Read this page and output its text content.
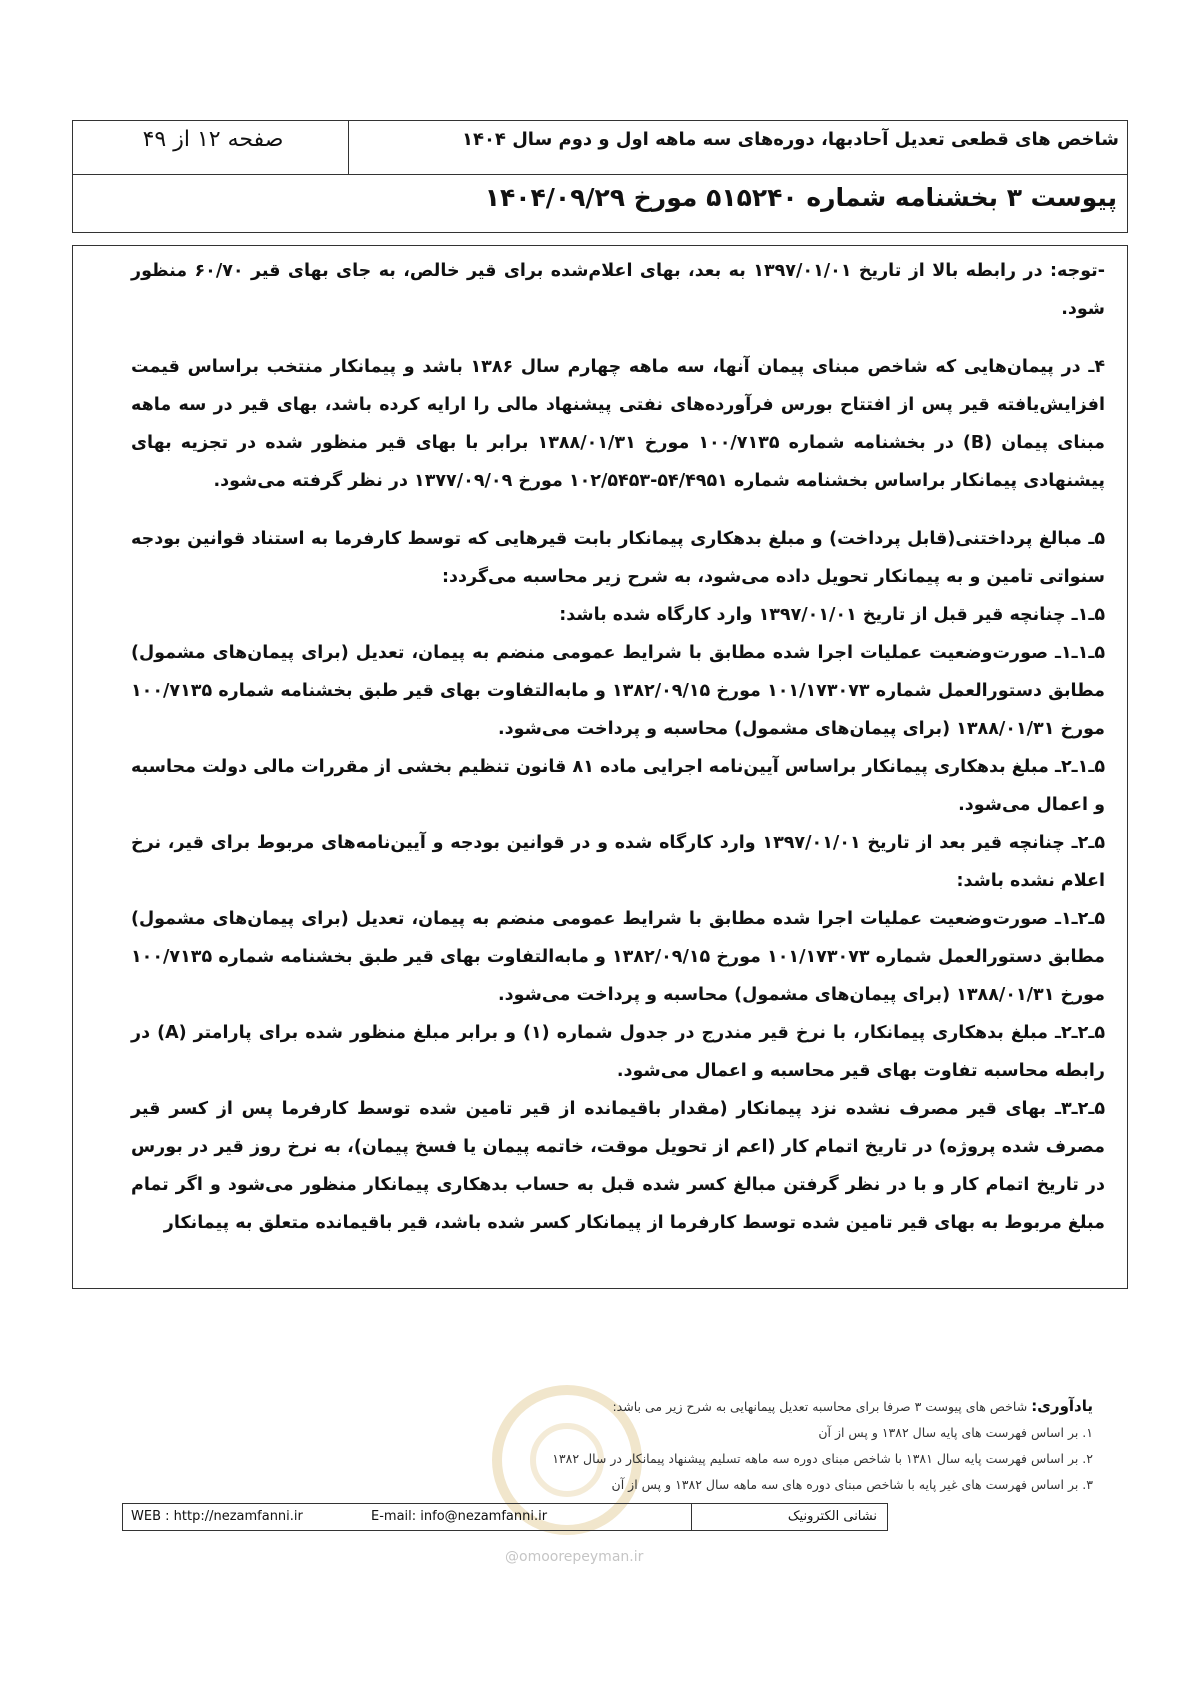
شاخص های قطعی تعدیل آحادبها، دوره‌های سه ماهه اول و دوم سال ۱۴۰۴
صفحه ۱۲ از ۴۹
پیوست ۳ بخشنامه شماره ۵۱۵۲۴۰ مورخ ۱۴۰۴/۰۹/۲۹

-توجه: در رابطه بالا از تاریخ ۱۳۹۷/۰۱/۰۱ به بعد، بهای اعلام‌شده برای قیر خالص، به جای بهای قیر ۶۰/۷۰ منظور شود.

۴ـ در پیمان‌هایی که شاخص مبنای پیمان آنها، سه ماهه چهارم سال ۱۳۸۶ باشد و پیمانکار منتخب براساس قیمت افزایش‌یافته قیر پس از افتتاح بورس فرآورده‌های نفتی پیشنهاد مالی را ارایه کرده باشد، بهای قیر در سه ماهه مبنای پیمان (B) در بخشنامه شماره ۱۰۰/۷۱۳۵ مورخ ۱۳۸۸/۰۱/۳۱ برابر با بهای قیر منظور شده در تجزیه بهای پیشنهادی پیمانکار براساس بخشنامه شماره ۵۴/۴۹۵۱-۱۰۲/۵۴۵۳ مورخ ۱۳۷۷/۰۹/۰۹ در نظر گرفته می‌شود.

۵ـ مبالغ پرداختنی(قابل پرداخت) و مبلغ بدهکاری پیمانکار بابت قیرهایی که توسط کارفرما به استناد قوانین بودجه سنواتی تامین و به پیمانکار تحویل داده می‌شود، به شرح زیر محاسبه می‌گردد:

۵ـ۱ـ چنانچه قیر قبل از تاریخ ۱۳۹۷/۰۱/۰۱ وارد کارگاه شده باشد:

۵ـ۱ـ۱ـ صورت‌وضعیت عملیات اجرا شده مطابق با شرایط عمومی منضم به پیمان، تعدیل (برای پیمان‌های مشمول) مطابق دستورالعمل شماره ۱۰۱/۱۷۳۰۷۳ مورخ ۱۳۸۲/۰۹/۱۵ و مابه‌التفاوت بهای قیر طبق بخشنامه شماره ۱۰۰/۷۱۳۵ مورخ ۱۳۸۸/۰۱/۳۱ (برای پیمان‌های مشمول) محاسبه و پرداخت می‌شود.

۵ـ۱ـ۲ـ مبلغ بدهکاری پیمانکار براساس آیین‌نامه اجرایی ماده ۸۱ قانون تنظیم بخشی از مقررات مالی دولت محاسبه و اعمال می‌شود.

۵ـ۲ـ چنانچه قیر بعد از تاریخ ۱۳۹۷/۰۱/۰۱ وارد کارگاه شده و در قوانین بودجه و آیین‌نامه‌های مربوط برای قیر، نرخ اعلام نشده باشد:

۵ـ۲ـ۱ـ صورت‌وضعیت عملیات اجرا شده مطابق با شرایط عمومی منضم به پیمان، تعدیل (برای پیمان‌های مشمول) مطابق دستورالعمل شماره ۱۰۱/۱۷۳۰۷۳ مورخ ۱۳۸۲/۰۹/۱۵ و مابه‌التفاوت بهای قیر طبق بخشنامه شماره ۱۰۰/۷۱۳۵ مورخ ۱۳۸۸/۰۱/۳۱ (برای پیمان‌های مشمول) محاسبه و پرداخت می‌شود.

۵ـ۲ـ۲ـ مبلغ بدهکاری پیمانکار، با نرخ قیر مندرج در جدول شماره (۱) و برابر مبلغ منظور شده برای پارامتر (A) در رابطه محاسبه تفاوت بهای قیر محاسبه و اعمال می‌شود.

۵ـ۲ـ۳ـ بهای قیر مصرف نشده نزد پیمانکار (مقدار باقیمانده از قیر تامین شده توسط کارفرما پس از کسر قیر مصرف شده پروژه) در تاریخ اتمام کار (اعم از تحویل موقت، خاتمه پیمان یا فسخ پیمان)، به نرخ روز قیر در بورس در تاریخ اتمام کار و با در نظر گرفتن مبالغ کسر شده قبل به حساب بدهکاری پیمانکار منظور می‌شود و اگر تمام مبلغ مربوط به بهای قیر تامین شده توسط کارفرما از پیمانکار کسر شده باشد، قیر باقیمانده متعلق به پیمانکار

یادآوری: شاخص های پیوست ۳ صرفا برای محاسبه تعدیل پیمانهایی به شرح زیر می باشد:
۱. بر اساس فهرست های پایه سال ۱۳۸۲ و پس از آن
۲. بر اساس فهرست پایه سال ۱۳۸۱ با شاخص مبنای دوره سه ماهه تسلیم پیشنهاد پیمانکار در سال ۱۳۸۲
۳. بر اساس فهرست های غیر پایه با شاخص مبنای دوره های سه ماهه سال ۱۳۸۲ و پس از آن
WEB : http://nezamfanni.ir	E-mail: info@nezamfanni.ir	نشانی الکترونیک
@omoorepeyman.ir
